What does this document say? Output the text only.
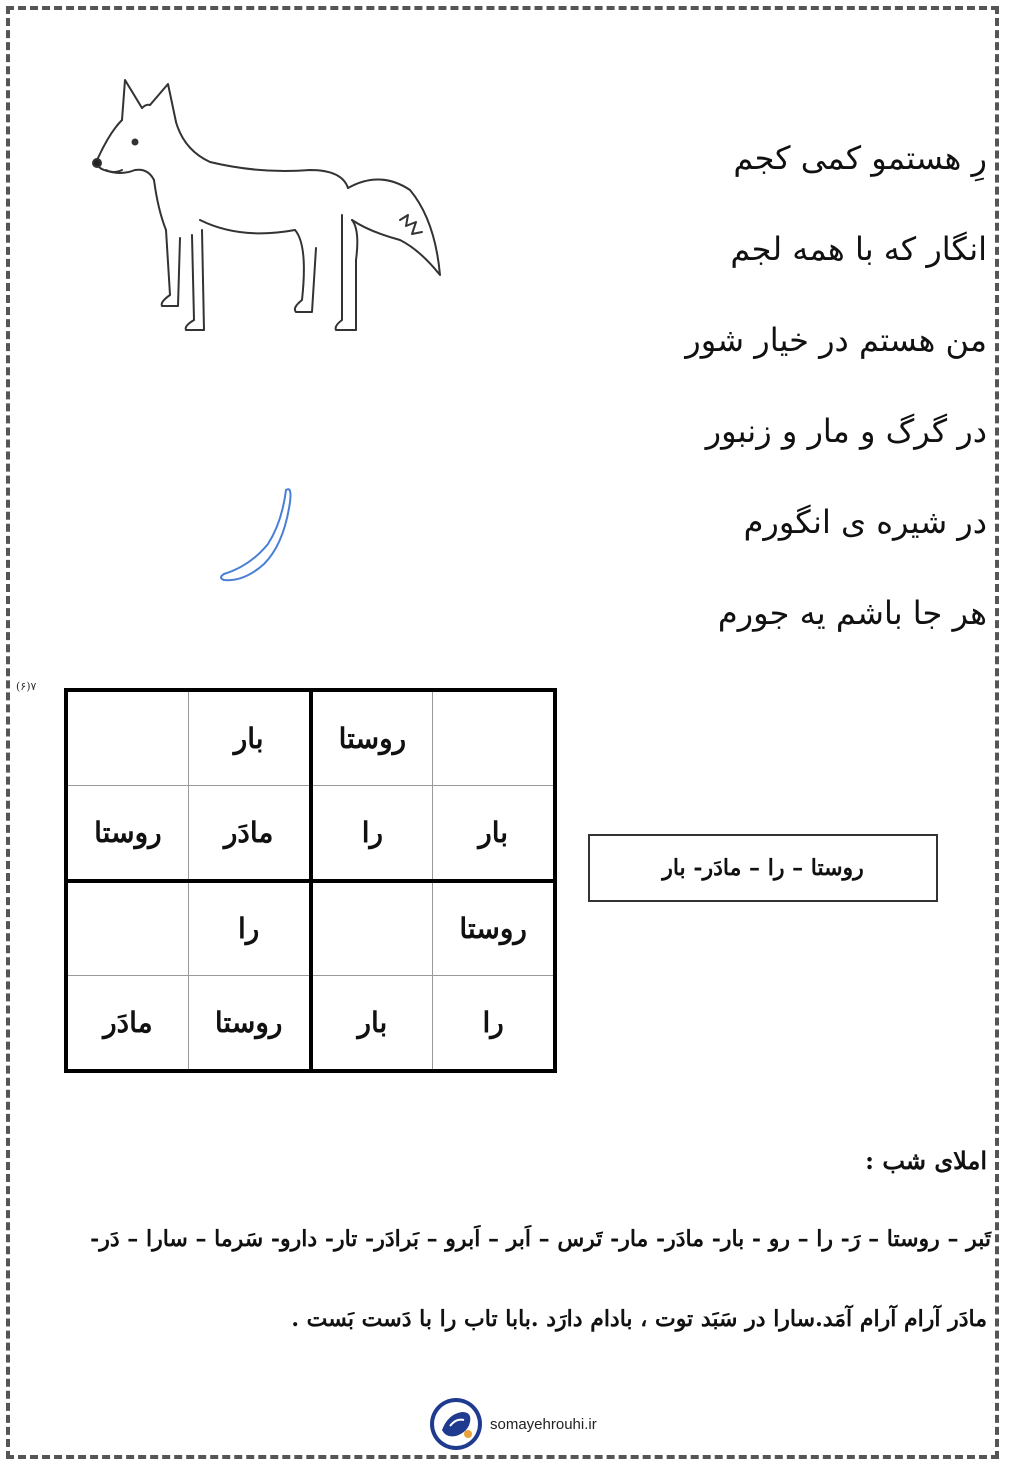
رِ هستمو کمی کجم
انگار که با همه لجم
من هستم در خیار شور
در گرگ و مار و زنبور
در شیره ی انگورم
هر جا باشم یه جورم
(۶)۷
	بار	روستا	
روستا	مادَر	را	بار
	را		روستا
مادَر	روستا	بار	را
روستا – را – مادَر- بار
املای شب :
تَبر – روستا – رَ- را – رو - بار- مادَر- مار- تَرس – اَبر – اَبرو – بَرادَر- تار- دارو- سَرما – سارا – دَر-
مادَر آرام آرام آمَد.سارا در سَبَد توت ، بادام دارَد .بابا تاب را با دَست بَست .
somayehrouhi.ir
